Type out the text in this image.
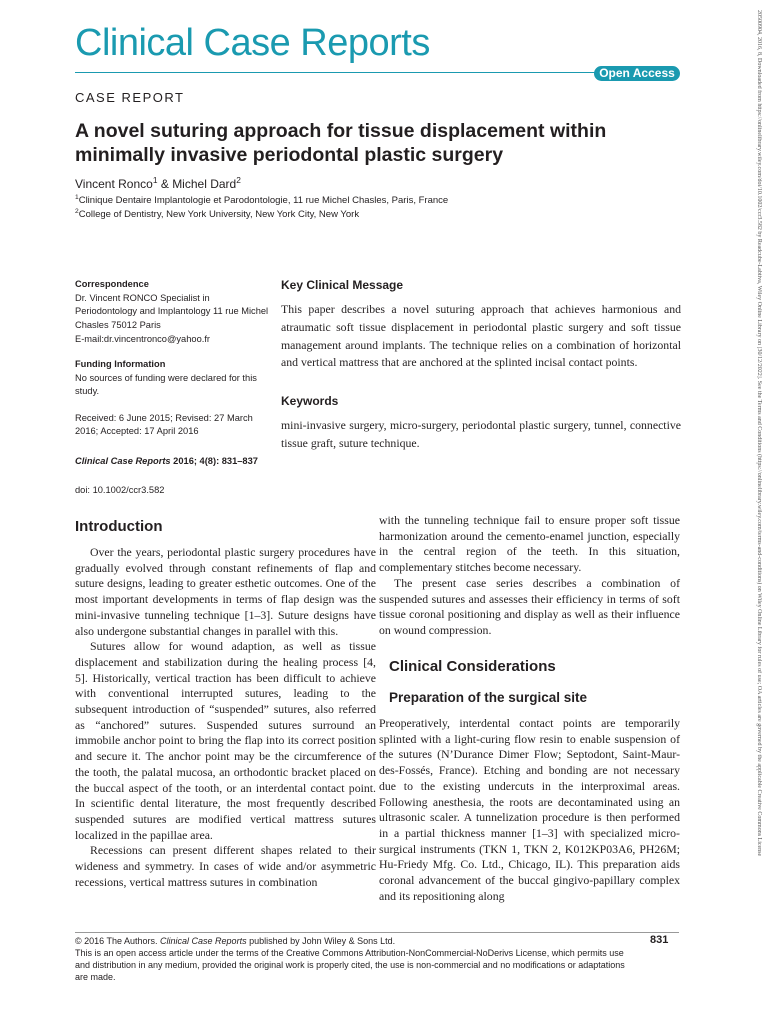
Clinical Case Reports
Open Access
CASE REPORT
A novel suturing approach for tissue displacement within minimally invasive periodontal plastic surgery
Vincent Ronco$^1$ & Michel Dard$^2$
$^1$Clinique Dentaire Implantologie et Parodontologie, 11 rue Michel Chasles, Paris, France
$^2$College of Dentistry, New York University, New York City, New York
Correspondence
Dr. Vincent RONCO Specialist in Periodontology and Implantology 11 rue Michel Chasles 75012 Paris
E-mail:dr.vincentronco@yahoo.fr
Funding Information
No sources of funding were declared for this study.
Received: 6 June 2015; Revised: 27 March 2016; Accepted: 17 April 2016
Clinical Case Reports 2016; 4(8): 831–837
doi: 10.1002/ccr3.582
Key Clinical Message
This paper describes a novel suturing approach that achieves harmonious and atraumatic soft tissue displacement in periodontal plastic surgery and soft tissue management around implants. The technique relies on a combination of horizontal and vertical mattress that are anchored at the splinted incisal contact points.
Keywords
mini-invasive surgery, micro-surgery, periodontal plastic surgery, tunnel, connective tissue graft, suture technique.
Introduction

Over the years, periodontal plastic surgery procedures have gradually evolved through constant refinements of flap and suture designs, leading to greater esthetic outcomes. One of the most important developments in terms of flap design was the mini-invasive tunneling technique [1–3]. Suture designs have also undergone substantial changes in parallel with this.

Sutures allow for wound adaption, as well as tissue displacement and stabilization during the healing process [4, 5]. Historically, vertical traction has been difficult to achieve with conventional interrupted sutures, leading to the subsequent introduction of “suspended” sutures, also referred as “anchored” sutures. Suspended sutures surround an immobile anchor point to bring the flap into its correct position and secure it. The anchor point may be the circumference of the tooth, the palatal mucosa, an orthodontic bracket placed on the buccal aspect of the tooth, or an interdental contact point. In scientific dental literature, the most frequently described suspended sutures are modified vertical mattress sutures localized in the papillae area.

Recessions can present different shapes related to their wideness and symmetry. In cases of wide and/or asymmetric recessions, vertical mattress sutures in combination

with the tunneling technique fail to ensure proper soft tissue harmonization around the cemento-enamel junction, especially in the central region of the teeth. In this situation, complementary stitches become necessary.

The present case series describes a combination of suspended sutures and assesses their efficiency in terms of soft tissue coronal positioning and display as well as their influence on wound compression.

Clinical Considerations
Preparation of the surgical site

Preoperatively, interdental contact points are temporarily splinted with a light-curing flow resin to enable suspension of the sutures (N’Durance Dimer Flow; Septodont, Saint-Maur-des-Fossés, France). Etching and bonding are not necessary due to the existing undercuts in the interproximal areas. Following anesthesia, the roots are decontaminated using an ultrasonic scaler. A tunnelization procedure is then performed in a partial thickness manner [1–3] with specialized micro-surgical instruments (TKN 1, TKN 2, K012KP03A6, PH26M; Hu-Friedy Mfg. Co. Ltd., Chicago, IL). This preparation aids coronal advancement of the buccal gingivo-papillary complex and its repositioning along

© 2016 The Authors. Clinical Case Reports published by John Wiley & Sons Ltd.
This is an open access article under the terms of the Creative Commons Attribution-NonCommercial-NoDerivs License, which permits use and distribution in any medium, provided the original work is properly cited, the use is non-commercial and no modifications or adaptations are made.
831
20500904, 2016, 8, Downloaded from https://onlinelibrary.wiley.com/doi/10.1002/ccr3.582 by Readcube-Labtiva, Wiley Online Library on [30/12/2022]. See the Terms and Conditions (https://onlinelibrary.wiley.com/terms-and-conditions) on Wiley Online Library for rules of use; OA articles are governed by the applicable Creative Commons License
